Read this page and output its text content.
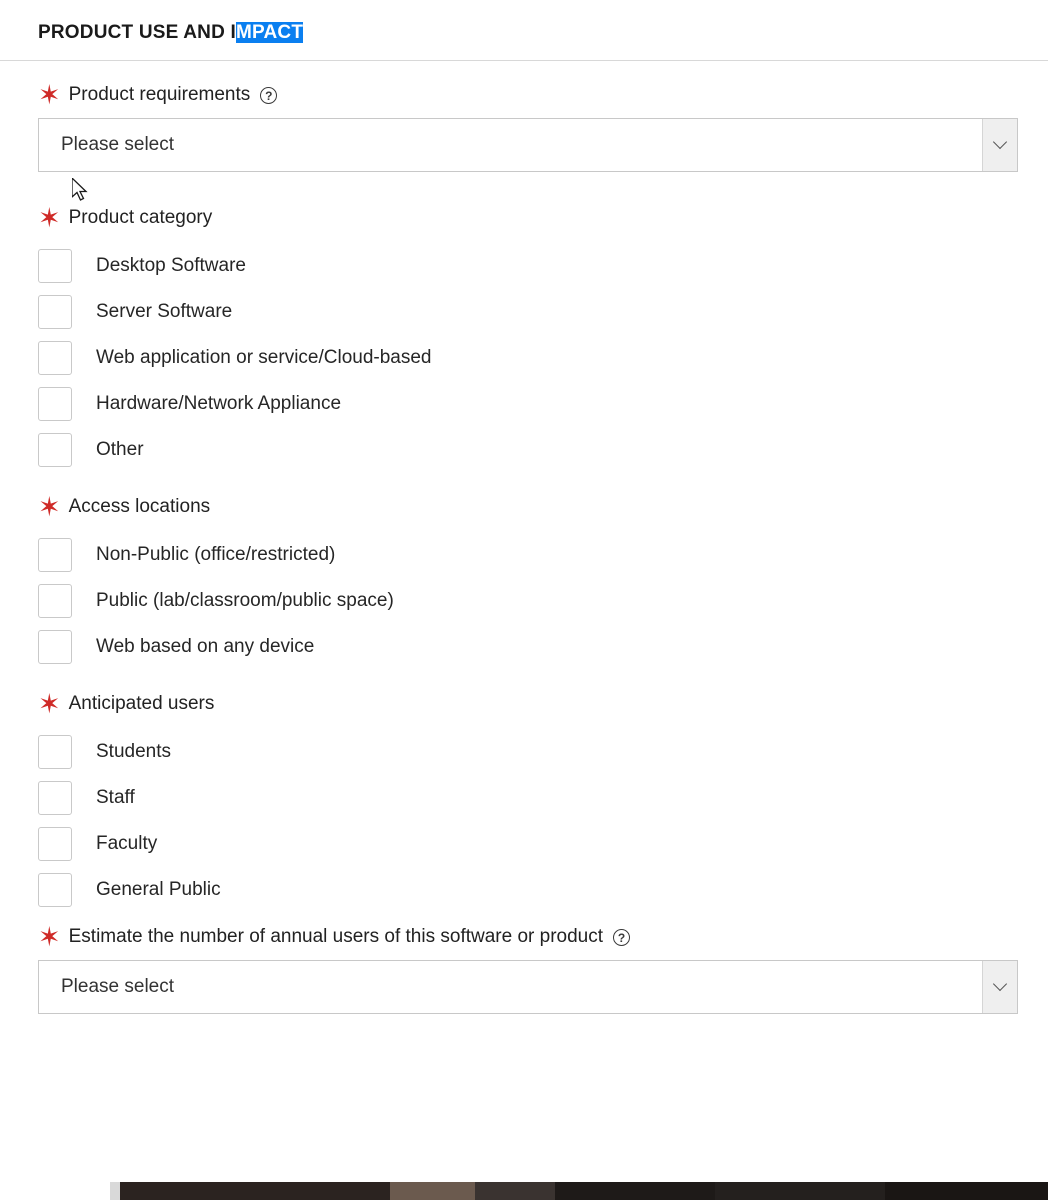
PRODUCT USE AND IMPACT
✶ Product requirements	?
Please select
✶ Product category
Desktop Software
Server Software
Web application or service/Cloud-based
Hardware/Network Appliance
Other
✶ Access locations
Non-Public (office/restricted)
Public (lab/classroom/public space)
Web based on any device
✶ Anticipated users
Students
Staff
Faculty
General Public
✶ Estimate the number of annual users of this software or product	?
Please select
